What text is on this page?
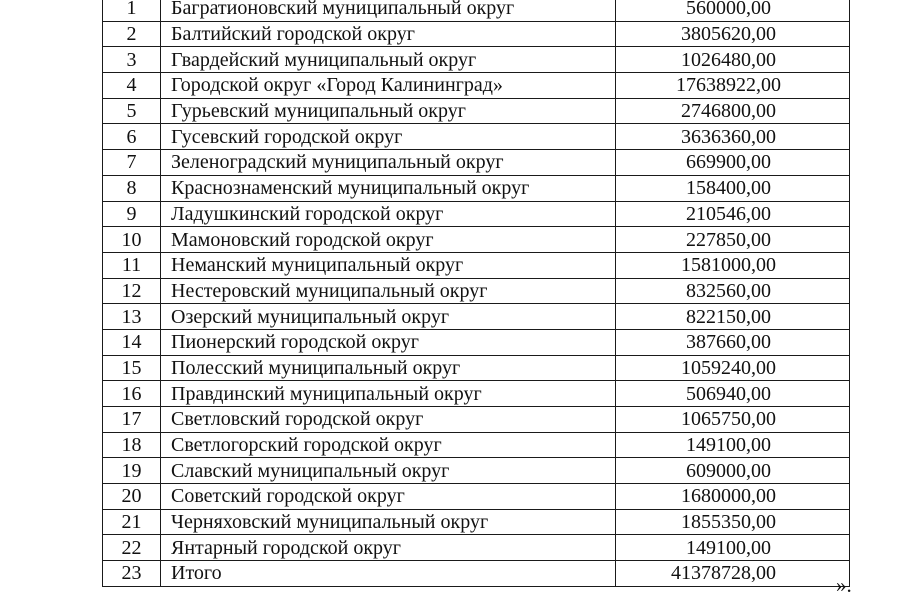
1	Багратионовский муниципальный округ	560000,00
2	Балтийский городской округ	3805620,00
3	Гвардейский муниципальный округ	1026480,00
4	Городской округ «Город Калининград»	17638922,00
5	Гурьевский муниципальный округ	2746800,00
6	Гусевский городской округ	3636360,00
7	Зеленоградский муниципальный округ	669900,00
8	Краснознаменский муниципальный округ	158400,00
9	Ладушкинский городской округ	210546,00
10	Мамоновский городской округ	227850,00
11	Неманский муниципальный округ	1581000,00
12	Нестеровский муниципальный округ	832560,00
13	Озерский муниципальный округ	822150,00
14	Пионерский городской округ	387660,00
15	Полесский муниципальный округ	1059240,00
16	Правдинский муниципальный округ	506940,00
17	Светловский городской округ	1065750,00
18	Светлогорский городской округ	149100,00
19	Славский муниципальный округ	609000,00
20	Советский городской округ	1680000,00
21	Черняховский муниципальный округ	1855350,00
22	Янтарный городской округ	149100,00
23	Итого	41378728,00	».
